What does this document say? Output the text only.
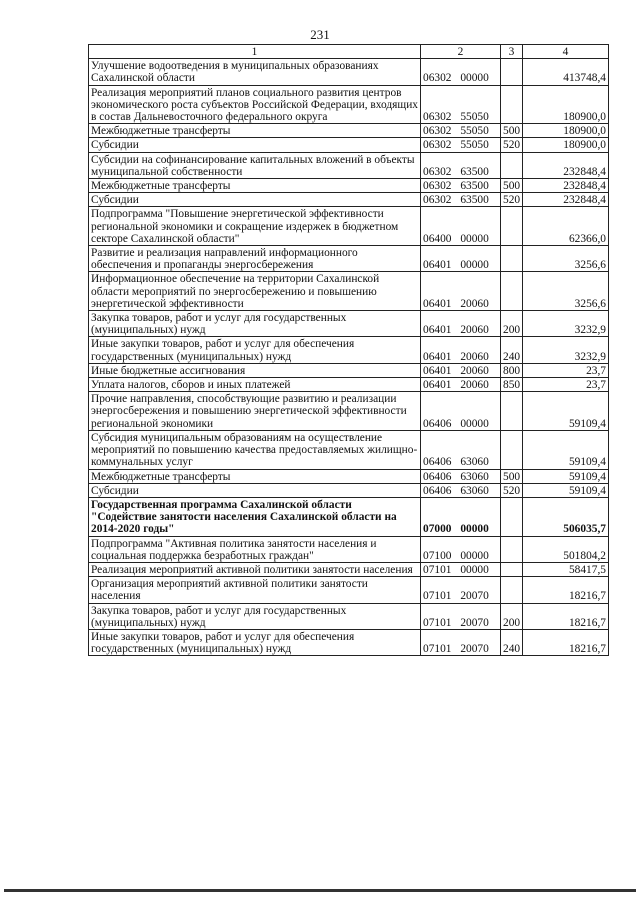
231
1	2	3	4
Улучшение водоотведения в муниципальных образованиях Сахалинской области	06302 00000		413748,4
Реализация мероприятий планов социального развития центров экономического роста субъектов Российской Федерации, входящих в состав Дальневосточного федерального округа	06302 55050		180900,0
Межбюджетные трансферты	06302 55050	500	180900,0
Субсидии	06302 55050	520	180900,0
Субсидии на софинансирование капитальных вложений в объекты муниципальной собственности	06302 63500		232848,4
Межбюджетные трансферты	06302 63500	500	232848,4
Субсидии	06302 63500	520	232848,4
Подпрограмма "Повышение энергетической эффективности региональной экономики и сокращение издержек в бюджетном секторе Сахалинской области"	06400 00000		62366,0
Развитие и реализация направлений информационного обеспечения и пропаганды энергосбережения	06401 00000		3256,6
Информационное обеспечение на территории Сахалинской области мероприятий по энергосбережению и повышению энергетической эффективности	06401 20060		3256,6
Закупка товаров, работ и услуг для государственных (муниципальных) нужд	06401 20060	200	3232,9
Иные закупки товаров, работ и услуг для обеспечения государственных (муниципальных) нужд	06401 20060	240	3232,9
Иные бюджетные ассигнования	06401 20060	800	23,7
Уплата налогов, сборов и иных платежей	06401 20060	850	23,7
Прочие направления, способствующие развитию и реализации энергосбережения и повышению энергетической эффективности региональной экономики	06406 00000		59109,4
Субсидия муниципальным образованиям на осуществление мероприятий по повышению качества предоставляемых жилищно-коммунальных услуг	06406 63060		59109,4
Межбюджетные трансферты	06406 63060	500	59109,4
Субсидии	06406 63060	520	59109,4
Государственная программа Сахалинской области "Содействие занятости населения Сахалинской области на 2014-2020 годы"	07000 00000		506035,7
Подпрограмма "Активная политика занятости населения и социальная поддержка безработных граждан"	07100 00000		501804,2
Реализация мероприятий активной политики занятости населения	07101 00000		58417,5
Организация мероприятий активной политики занятости населения	07101 20070		18216,7
Закупка товаров, работ и услуг для государственных (муниципальных) нужд	07101 20070	200	18216,7
Иные закупки товаров, работ и услуг для обеспечения государственных (муниципальных) нужд	07101 20070	240	18216,7
